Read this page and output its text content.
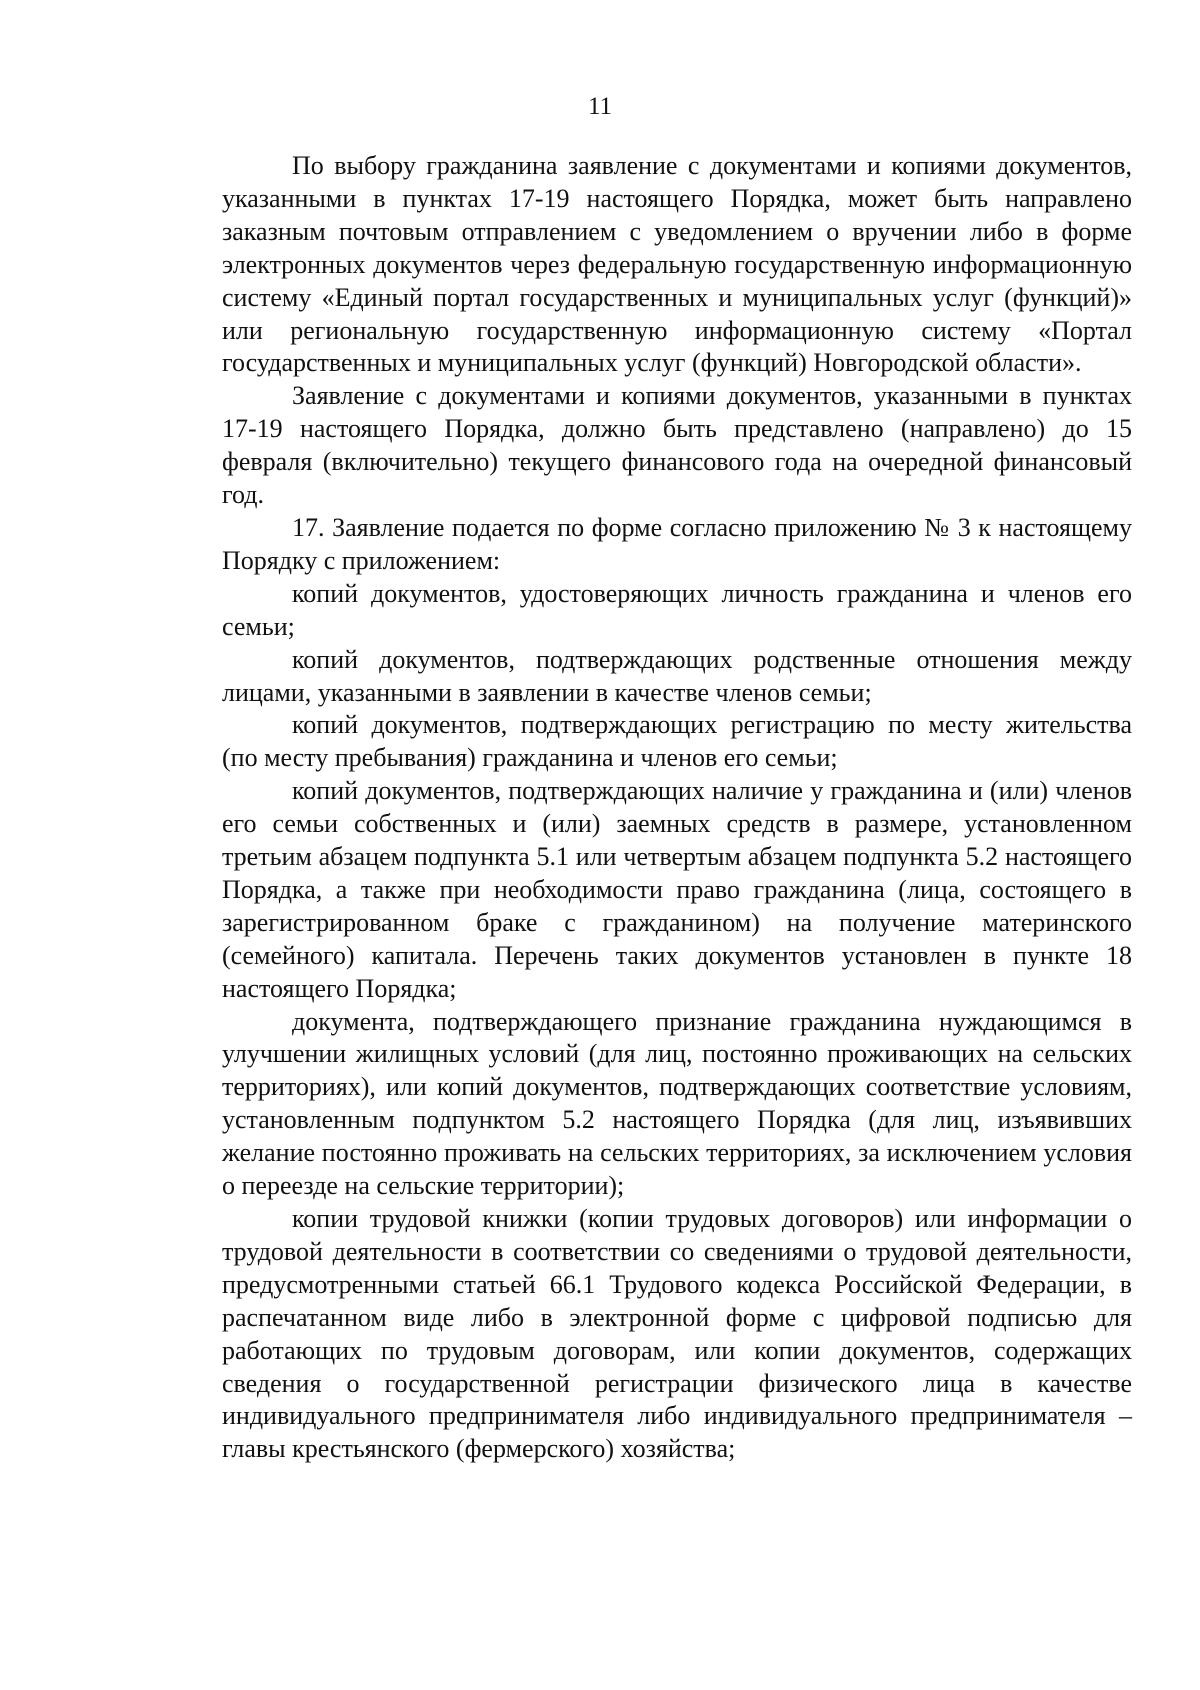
11

По выбору гражданина заявление с документами и копиями документов, указанными в пунктах 17-19 настоящего Порядка, может быть направлено заказным почтовым отправлением с уведомлением о вручении либо в форме электронных документов через федеральную государственную информационную систему «Единый портал государственных и муниципальных услуг (функций)» или региональную государственную информационную систему «Портал государственных и муниципальных услуг (функций) Новгородской области».

Заявление с документами и копиями документов, указанными в пунктах 17-19 настоящего Порядка, должно быть представлено (направлено) до 15 февраля (включительно) текущего финансового года на очередной финансовый год.

17. Заявление подается по форме согласно приложению № 3 к настоящему Порядку с приложением:

копий документов, удостоверяющих личность гражданина и членов его семьи;

копий документов, подтверждающих родственные отношения между лицами, указанными в заявлении в качестве членов семьи;

копий документов, подтверждающих регистрацию по месту жительства (по месту пребывания) гражданина и членов его семьи;

копий документов, подтверждающих наличие у гражданина и (или) членов его семьи собственных и (или) заемных средств в размере, установленном третьим абзацем подпункта 5.1 или четвертым абзацем подпункта 5.2 настоящего Порядка, а также при необходимости право гражданина (лица, состоящего в зарегистрированном браке с гражданином) на получение материнского (семейного) капитала. Перечень таких документов установлен в пункте 18 настоящего Порядка;

документа, подтверждающего признание гражданина нуждающимся в улучшении жилищных условий (для лиц, постоянно проживающих на сельских территориях), или копий документов, подтверждающих соответствие условиям, установленным подпунктом 5.2 настоящего Порядка (для лиц, изъявивших желание постоянно проживать на сельских территориях, за исключением условия о переезде на сельские территории);

копии трудовой книжки (копии трудовых договоров) или информации о трудовой деятельности в соответствии со сведениями о трудовой деятельности, предусмотренными статьей 66.1 Трудового кодекса Российской Федерации, в распечатанном виде либо в электронной форме с цифровой подписью для работающих по трудовым договорам, или копии документов, содержащих сведения о государственной регистрации физического лица в качестве индивидуального предпринимателя либо индивидуального предпринимателя – главы крестьянского (фермерского) хозяйства;
